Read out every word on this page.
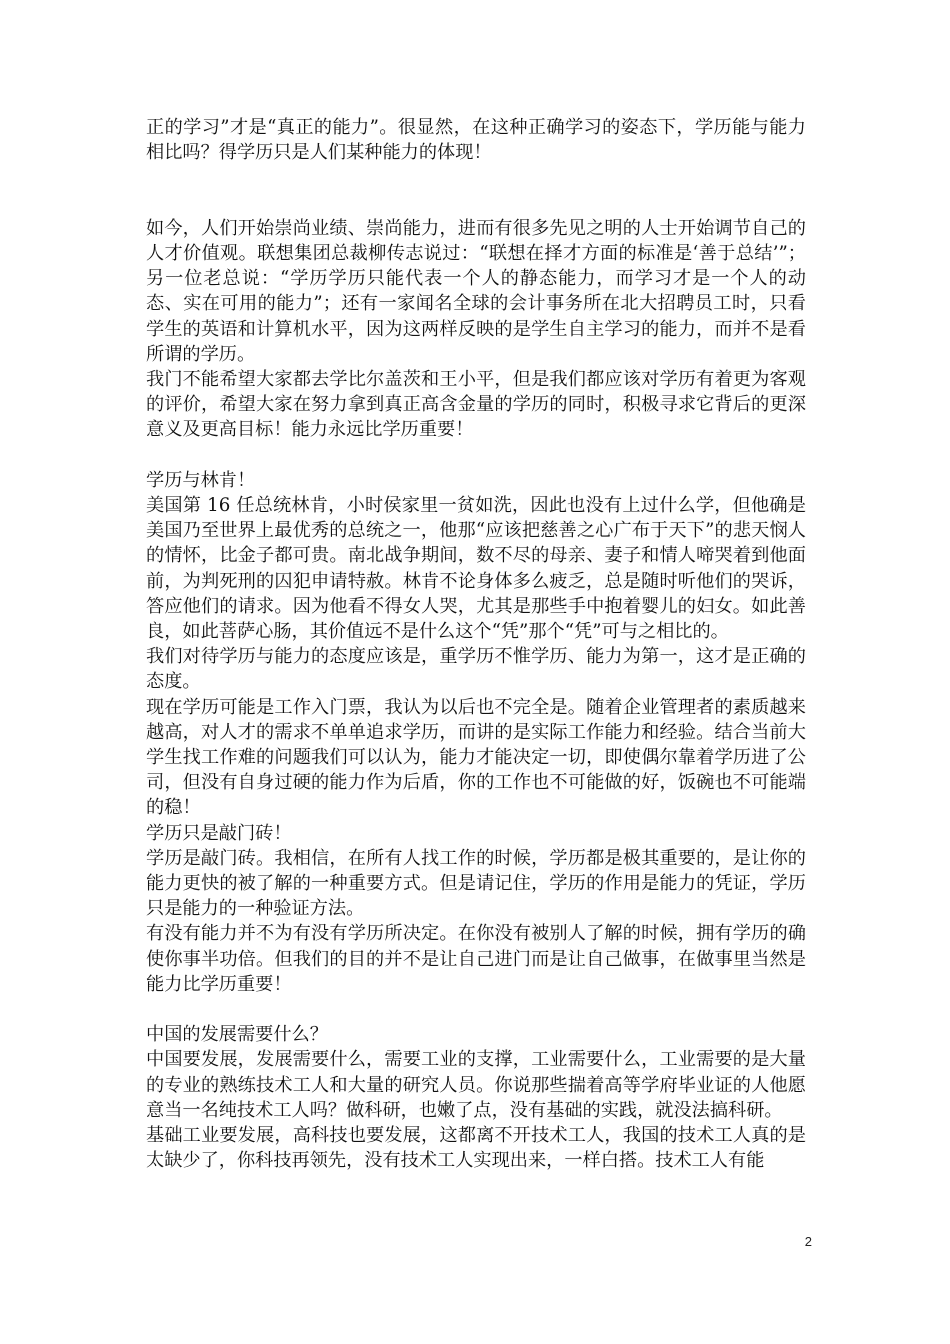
正的学习”才是“真正的能力”。很显然，在这种正确学习的姿态下，学历能与能力相比吗？得学历只是人们某种能力的体现！

如今，人们开始崇尚业绩、崇尚能力，进而有很多先见之明的人士开始调节自己的人才价值观。联想集团总裁柳传志说过：“联想在择才方面的标准是‘善于总结’”；另一位老总说：“学历学历只能代表一个人的静态能力，而学习才是一个人的动态、实在可用的能力”；还有一家闻名全球的会计事务所在北大招聘员工时，只看学生的英语和计算机水平，因为这两样反映的是学生自主学习的能力，而并不是看所谓的学历。

我门不能希望大家都去学比尔盖茨和王小平，但是我们都应该对学历有着更为客观的评价，希望大家在努力拿到真正高含金量的学历的同时，积极寻求它背后的更深意义及更高目标！能力永远比学历重要！

学历与林肯！

美国第 16 任总统林肯，小时侯家里一贫如洗，因此也没有上过什么学，但他确是美国乃至世界上最优秀的总统之一，他那“应该把慈善之心广布于天下”的悲天悯人的情怀，比金子都可贵。南北战争期间，数不尽的母亲、妻子和情人啼哭着到他面前，为判死刑的囚犯申请特赦。林肯不论身体多么疲乏，总是随时听他们的哭诉，答应他们的请求。因为他看不得女人哭，尤其是那些手中抱着婴儿的妇女。如此善良，如此菩萨心肠，其价值远不是什么这个“凭”那个“凭”可与之相比的。

我们对待学历与能力的态度应该是，重学历不惟学历、能力为第一，这才是正确的态度。

现在学历可能是工作入门票，我认为以后也不完全是。随着企业管理者的素质越来越高，对人才的需求不单单追求学历，而讲的是实际工作能力和经验。结合当前大学生找工作难的问题我们可以认为，能力才能决定一切，即使偶尔靠着学历进了公司，但没有自身过硬的能力作为后盾，你的工作也不可能做的好，饭碗也不可能端的稳！

学历只是敲门砖！

学历是敲门砖。我相信，在所有人找工作的时候，学历都是极其重要的，是让你的能力更快的被了解的一种重要方式。但是请记住，学历的作用是能力的凭证，学历只是能力的一种验证方法。

有没有能力并不为有没有学历所决定。在你没有被别人了解的时候，拥有学历的确使你事半功倍。但我们的目的并不是让自己进门而是让自己做事，在做事里当然是能力比学历重要！

中国的发展需要什么？

中国要发展，发展需要什么，需要工业的支撑，工业需要什么，工业需要的是大量的专业的熟练技术工人和大量的研究人员。你说那些揣着高等学府毕业证的人他愿意当一名纯技术工人吗？做科研，也嫩了点，没有基础的实践，就没法搞科研。

基础工业要发展，高科技也要发展，这都离不开技术工人，我国的技术工人真的是太缺少了，你科技再领先，没有技术工人实现出来，一样白搭。技术工人有能

2
